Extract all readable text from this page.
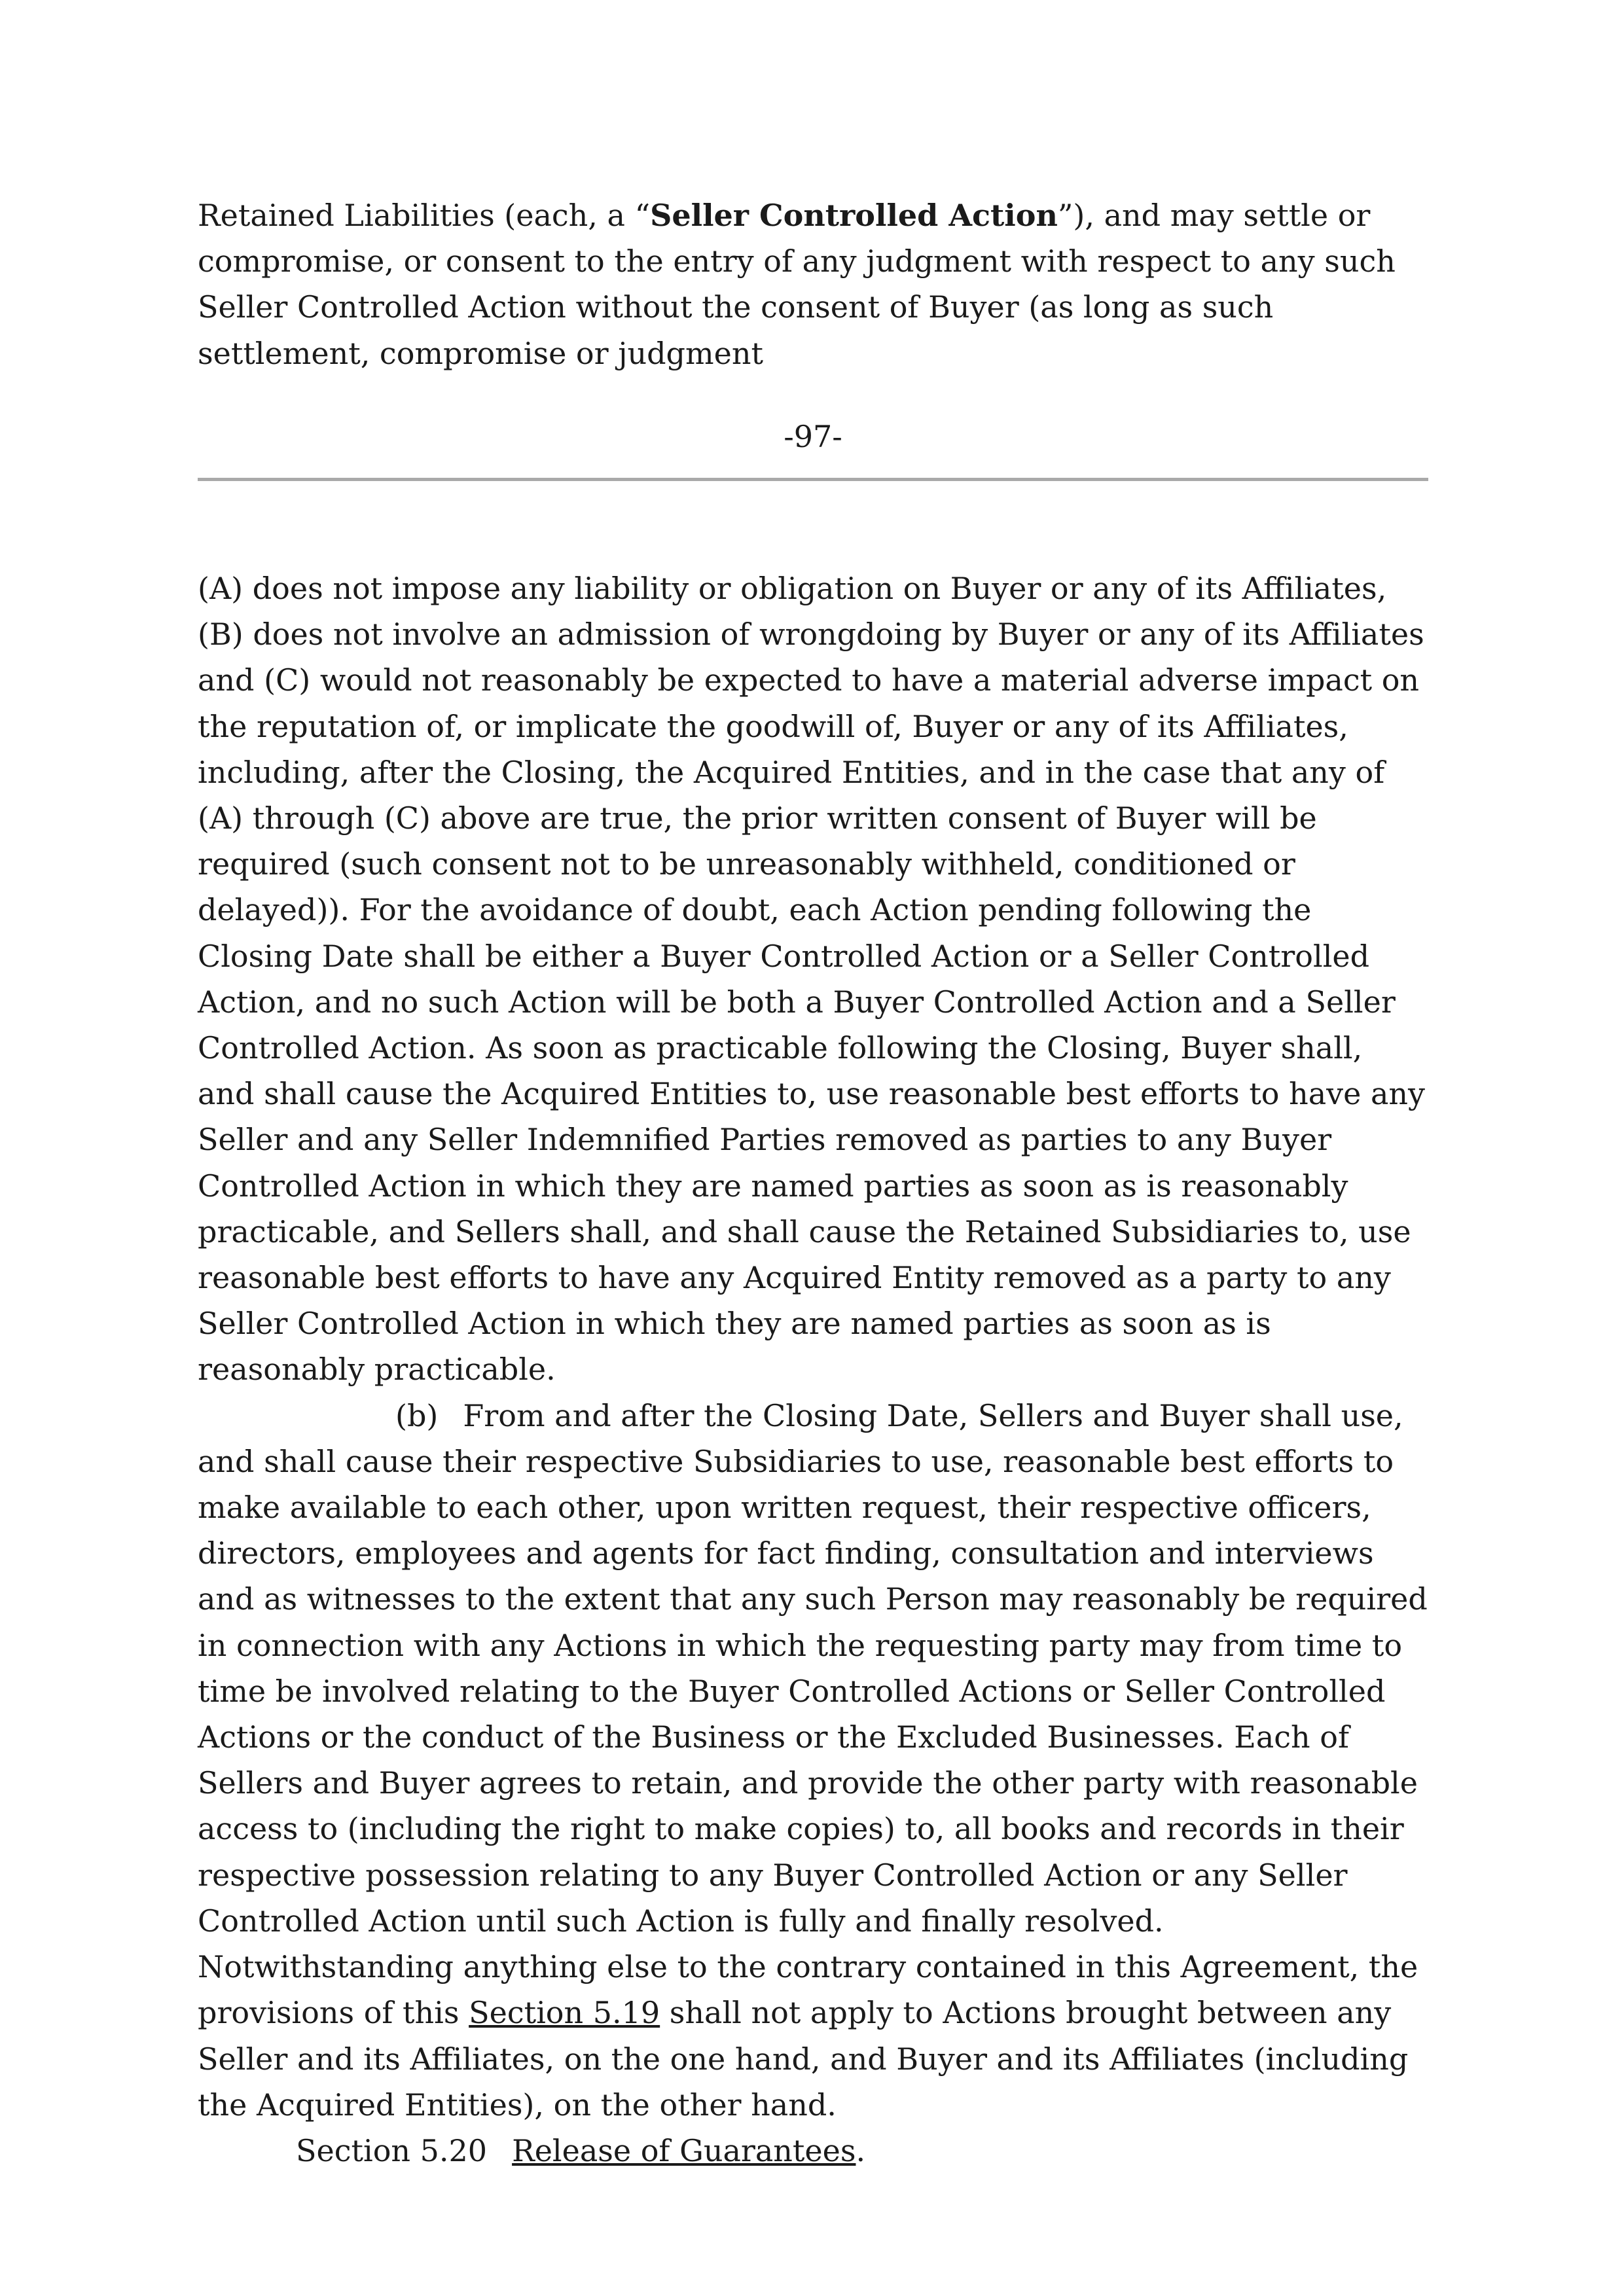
Retained Liabilities (each, a “Seller Controlled Action”), and may settle or compromise, or consent to the entry of any judgment with respect to any such Seller Controlled Action without the consent of Buyer (as long as such settlement, compromise or judgment

-97-

(A) does not impose any liability or obligation on Buyer or any of its Affiliates, (B) does not involve an admission of wrongdoing by Buyer or any of its Affiliates and (C) would not reasonably be expected to have a material adverse impact on the reputation of, or implicate the goodwill of, Buyer or any of its Affiliates, including, after the Closing, the Acquired Entities, and in the case that any of (A) through (C) above are true, the prior written consent of Buyer will be required (such consent not to be unreasonably withheld, conditioned or delayed)). For the avoidance of doubt, each Action pending following the Closing Date shall be either a Buyer Controlled Action or a Seller Controlled Action, and no such Action will be both a Buyer Controlled Action and a Seller Controlled Action. As soon as practicable following the Closing, Buyer shall, and shall cause the Acquired Entities to, use reasonable best efforts to have any Seller and any Seller Indemnified Parties removed as parties to any Buyer Controlled Action in which they are named parties as soon as is reasonably practicable, and Sellers shall, and shall cause the Retained Subsidiaries to, use reasonable best efforts to have any Acquired Entity removed as a party to any Seller Controlled Action in which they are named parties as soon as is reasonably practicable.

(b) From and after the Closing Date, Sellers and Buyer shall use, and shall cause their respective Subsidiaries to use, reasonable best efforts to make available to each other, upon written request, their respective officers, directors, employees and agents for fact finding, consultation and interviews and as witnesses to the extent that any such Person may reasonably be required in connection with any Actions in which the requesting party may from time to time be involved relating to the Buyer Controlled Actions or Seller Controlled Actions or the conduct of the Business or the Excluded Businesses. Each of Sellers and Buyer agrees to retain, and provide the other party with reasonable access to (including the right to make copies) to, all books and records in their respective possession relating to any Buyer Controlled Action or any Seller Controlled Action until such Action is fully and finally resolved. Notwithstanding anything else to the contrary contained in this Agreement, the provisions of this Section 5.19 shall not apply to Actions brought between any Seller and its Affiliates, on the one hand, and Buyer and its Affiliates (including the Acquired Entities), on the other hand.

Section 5.20 Release of Guarantees.
